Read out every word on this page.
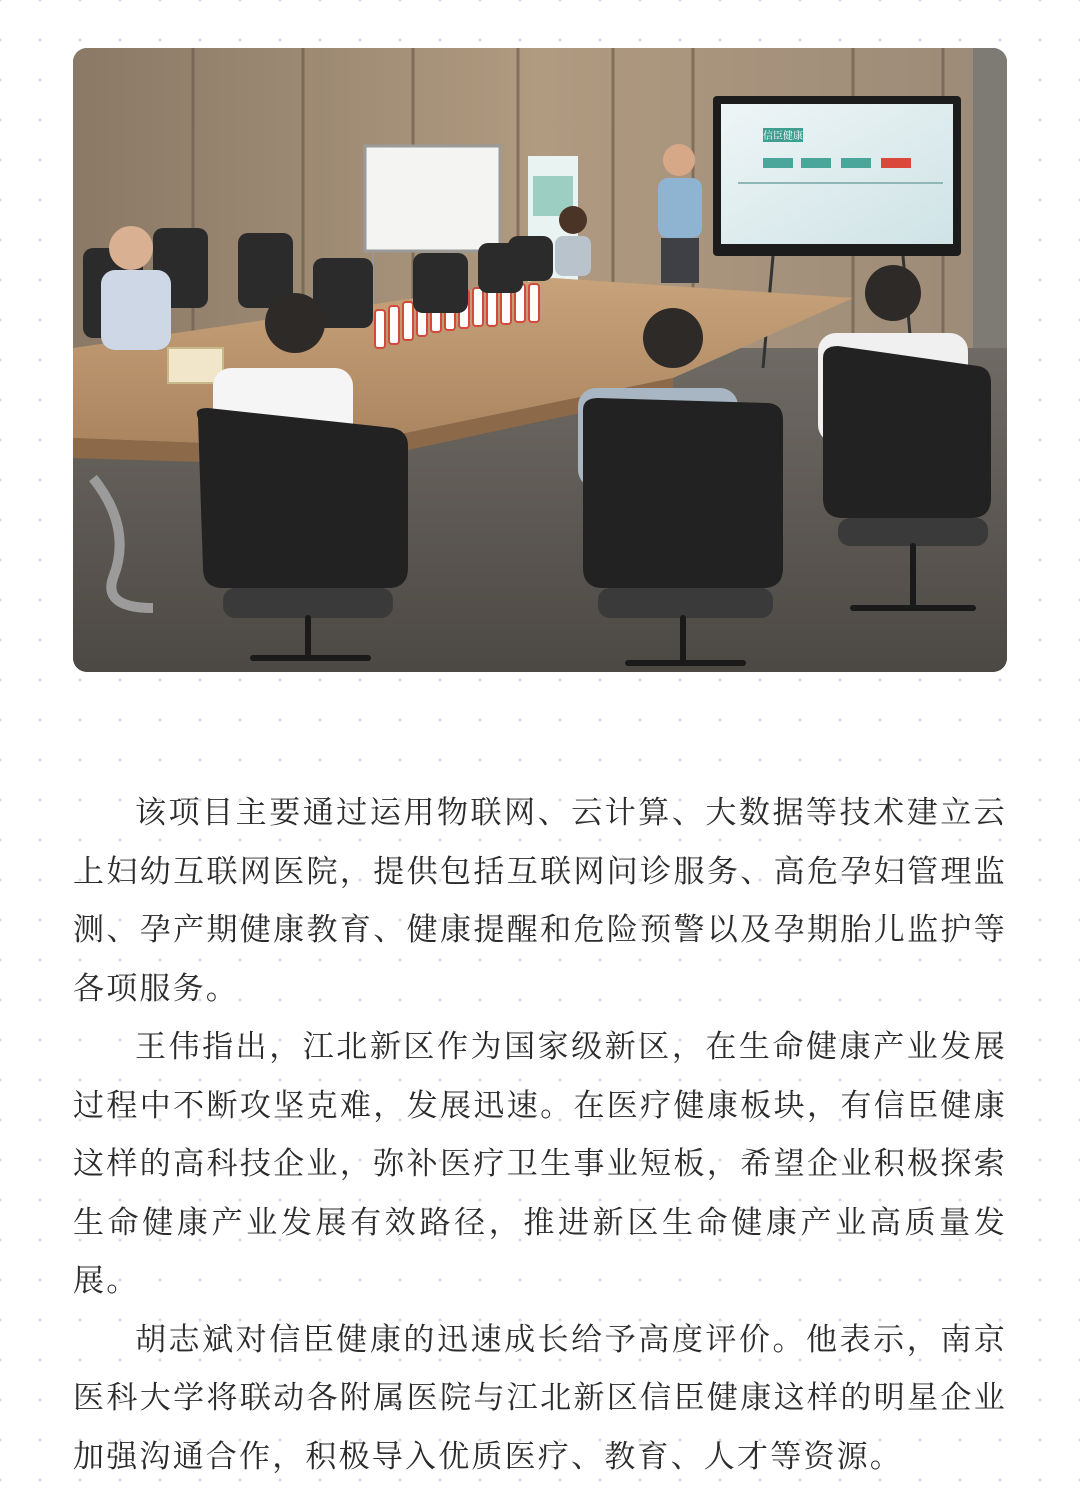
信臣健康

该项目主要通过运用物联网、云计算、大数据等技术建立云上妇幼互联网医院，提供包括互联网问诊服务、高危孕妇管理监测、孕产期健康教育、健康提醒和危险预警以及孕期胎儿监护等各项服务。

王伟指出，江北新区作为国家级新区，在生命健康产业发展过程中不断攻坚克难，发展迅速。在医疗健康板块，有信臣健康这样的高科技企业，弥补医疗卫生事业短板，希望企业积极探索生命健康产业发展有效路径，推进新区生命健康产业高质量发展。

胡志斌对信臣健康的迅速成长给予高度评价。他表示，南京医科大学将联动各附属医院与江北新区信臣健康这样的明星企业加强沟通合作，积极导入优质医疗、教育、人才等资源。
